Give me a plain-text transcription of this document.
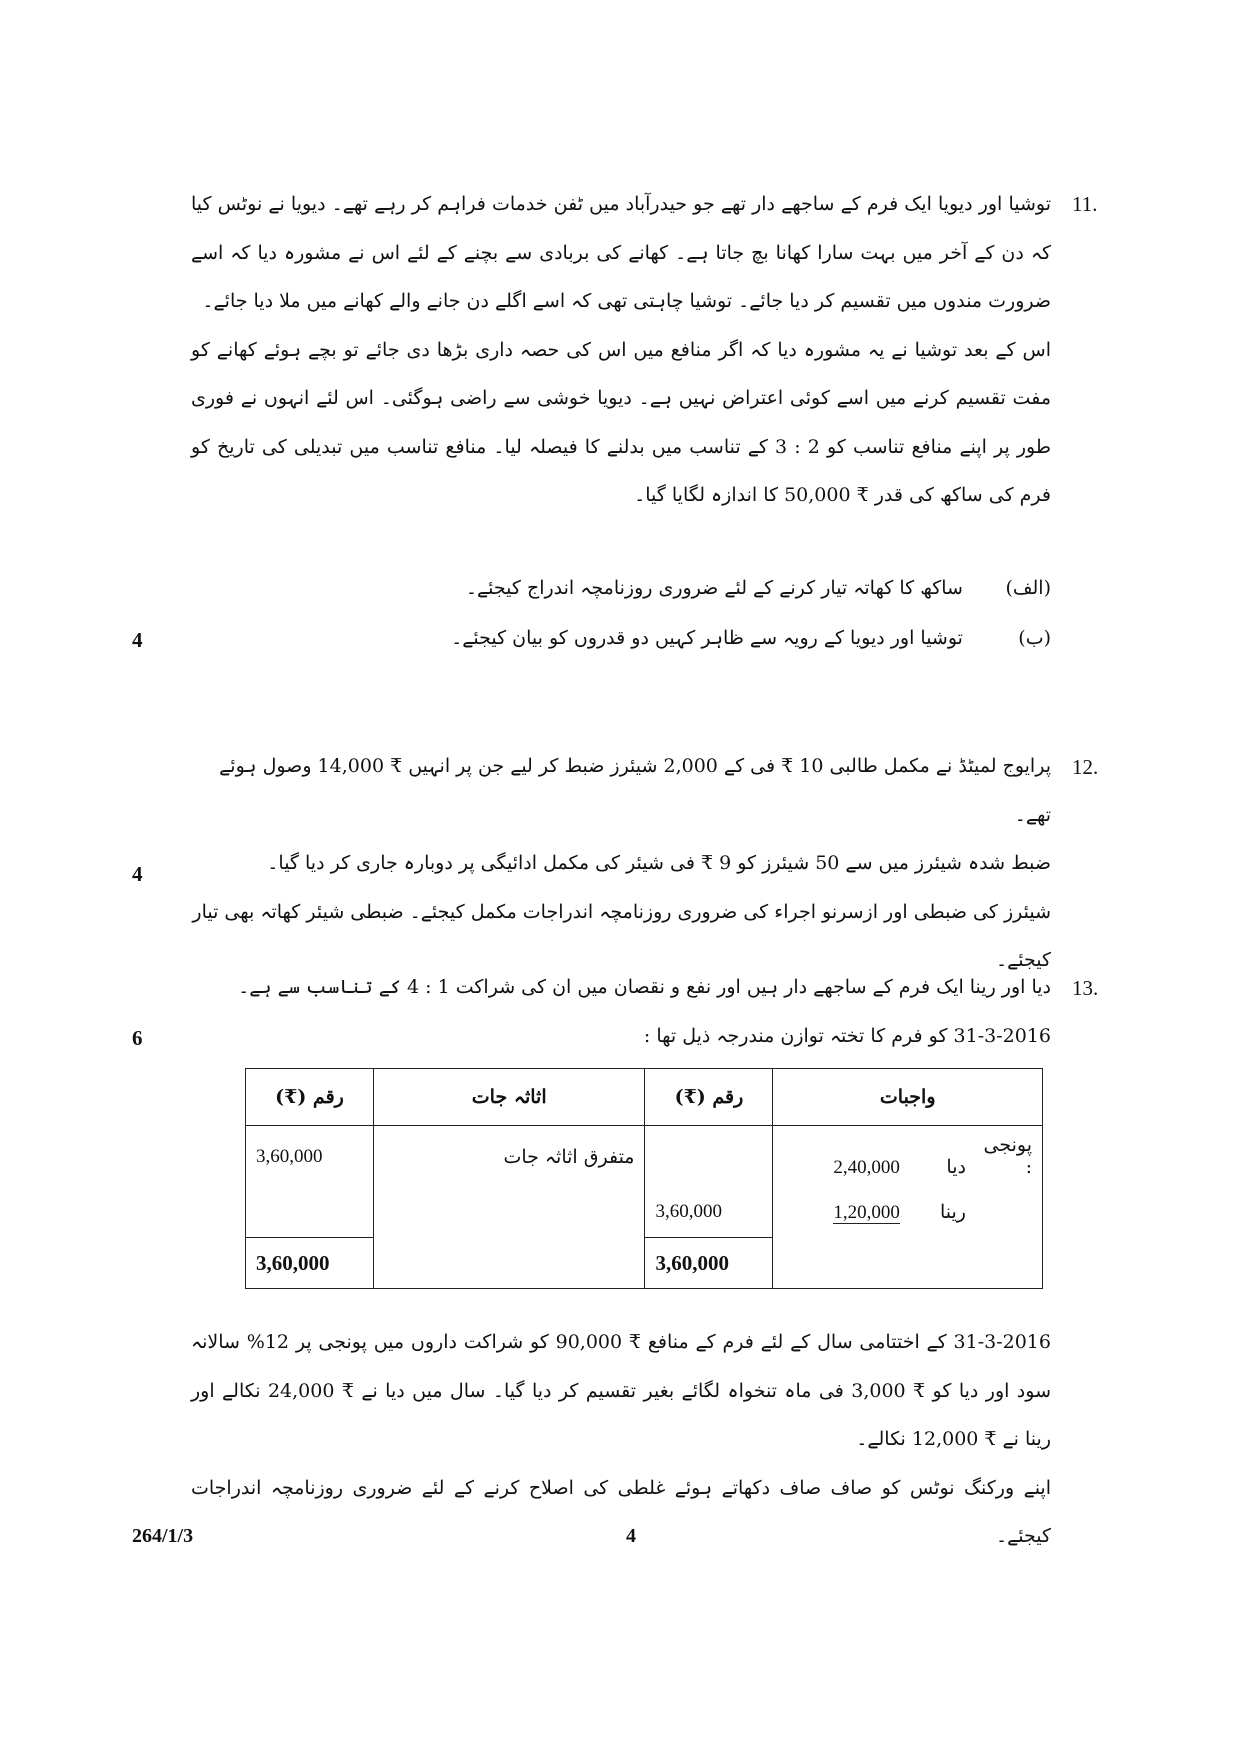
11.

توشیا اور دیویا ایک فرم کے ساجھے دار تھے جو حیدرآباد میں ٹفن خدمات فراہم کر رہے تھے۔ دیویا نے نوٹس کیا کہ دن کے آخر میں بہت سارا کھانا بچ جاتا ہے۔ کھانے کی بربادی سے بچنے کے لئے اس نے مشورہ دیا کہ اسے ضرورت مندوں میں تقسیم کر دیا جائے۔ توشیا چاہتی تھی کہ اسے اگلے دن جانے والے کھانے میں ملا دیا جائے۔

اس کے بعد توشیا نے یہ مشورہ دیا کہ اگر منافع میں اس کی حصہ داری بڑھا دی جائے تو بچے ہوئے کھانے کو مفت تقسیم کرنے میں اسے کوئی اعتراض نہیں ہے۔ دیویا خوشی سے راضی ہوگئی۔ اس لئے انہوں نے فوری طور پر اپنے منافع تناسب کو 2 : 3 کے تناسب میں بدلنے کا فیصلہ لیا۔ منافع تناسب میں تبدیلی کی تاریخ کو فرم کی ساکھ کی قدر ₹ 50,000 کا اندازہ لگایا گیا۔

(الف) ساکھ کا کھاتہ تیار کرنے کے لئے ضروری روزنامچہ اندراج کیجئے۔
(ب) توشیا اور دیویا کے رویہ سے ظاہر کہیں دو قدروں کو بیان کیجئے۔
4
12.

پرایوج لمیٹڈ نے مکمل طالبی 10 ₹ فی کے 2,000 شیئرز ضبط کر لیے جن پر انہیں ₹ 14,000 وصول ہوئے تھے۔

ضبط شدہ شیئرز میں سے 50 شیئرز کو 9 ₹ فی شیئر کی مکمل ادائیگی پر دوبارہ جاری کر دیا گیا۔

شیئرز کی ضبطی اور ازسرنو اجراء کی ضروری روزنامچہ اندراجات مکمل کیجئے۔ ضبطی شیئر کھاتہ بھی تیار کیجئے۔

4
13.

دیا اور رینا ایک فرم کے ساجھے دار ہیں اور نفع و نقصان میں ان کی شراکت 1 : 4 کے تناسب سے ہے۔

31-3-2016 کو فرم کا تختہ توازن مندرجہ ذیل تھا :

6
واجبات	رقم (₹)	اثاثہ جات	رقم (₹)
پونجی : دیا 2,40,000		متفرق اثاثہ جات	3,60,000
رینا 1,20,000	3,60,000		
	3,60,000		3,60,000

31-3-2016 کے اختتامی سال کے لئے فرم کے منافع ₹ 90,000 کو شراکت داروں میں پونجی پر 12% سالانہ سود اور دیا کو ₹ 3,000 فی ماہ تنخواہ لگائے بغیر تقسیم کر دیا گیا۔ سال میں دیا نے ₹ 24,000 نکالے اور رینا نے ₹ 12,000 نکالے۔

اپنے ورکنگ نوٹس کو صاف صاف دکھاتے ہوئے غلطی کی اصلاح کرنے کے لئے ضروری روزنامچہ اندراجات کیجئے۔

264/1/3	4
